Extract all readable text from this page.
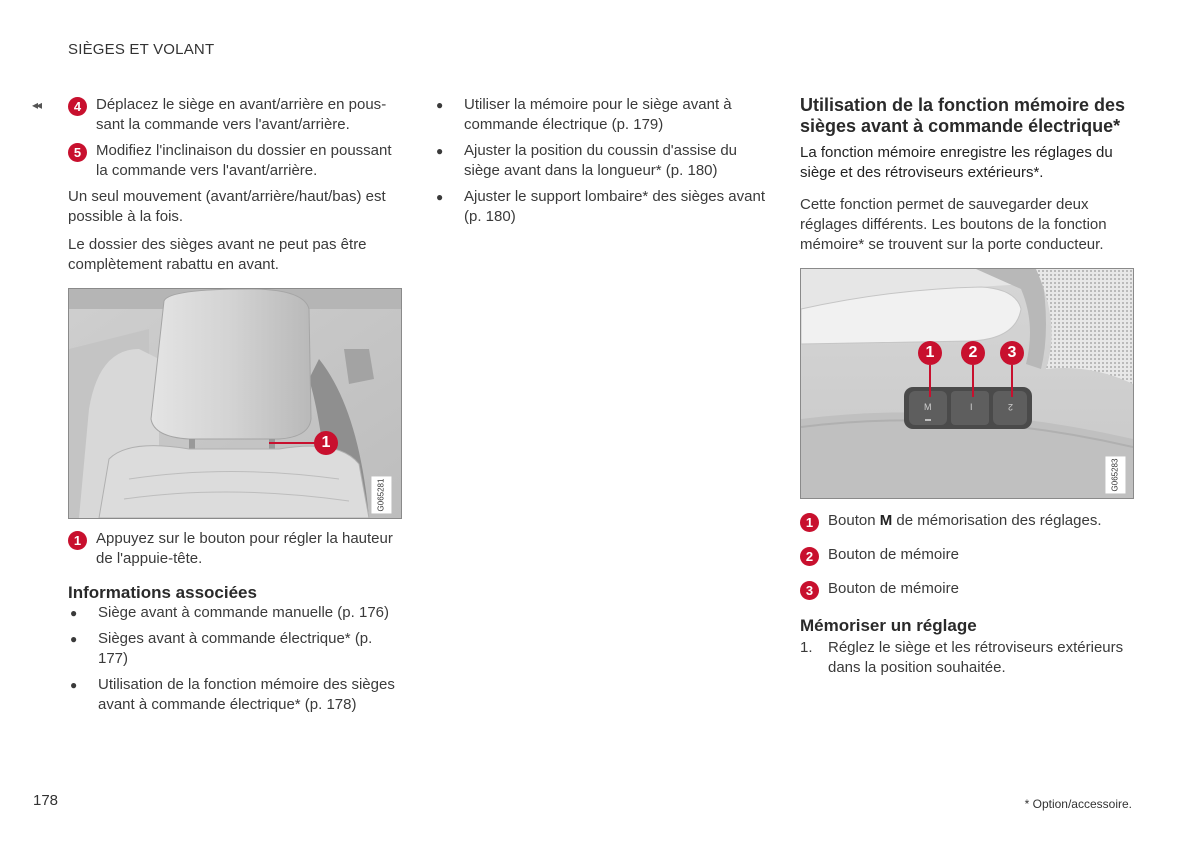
SIÈGES ET VOLANT
◂◂	4 Déplacez le siège en avant/arrière en poussant la commande vers l'avant/arrière.
5 Modifiez l'inclinaison du dossier en poussant la commande vers l'avant/arrière.

Un seul mouvement (avant/arrière/haut/bas) est possible à la fois.

Le dossier des sièges avant ne peut pas être complètement rabattu en avant.

1
G065281
1 Appuyez sur le bouton pour régler la hauteur de l'appuie-tête.
Informations associées
●	Siège avant à commande manuelle (p. 176)
●	Sièges avant à commande électrique* (p. 177)
●	Utilisation de la fonction mémoire des sièges avant à commande électrique* (p. 178)
●	Utiliser la mémoire pour le siège avant à commande électrique (p. 179)
●	Ajuster la position du coussin d'assise du siège avant dans la longueur* (p. 180)
●	Ajuster le support lombaire* des sièges avant (p. 180)
Utilisation de la fonction mémoire des sièges avant à commande électrique*

La fonction mémoire enregistre les réglages du siège et des rétroviseurs extérieurs*.

Cette fonction permet de sauvegarder deux réglages différents. Les boutons de la fonction mémoire* se trouvent sur la porte conducteur.

1	2	3
M	I	2
G065283
1 Bouton M de mémorisation des réglages.
2 Bouton de mémoire
3 Bouton de mémoire
Mémoriser un réglage
1.	Réglez le siège et les rétroviseurs extérieurs dans la position souhaitée.
178	* Option/accessoire.
